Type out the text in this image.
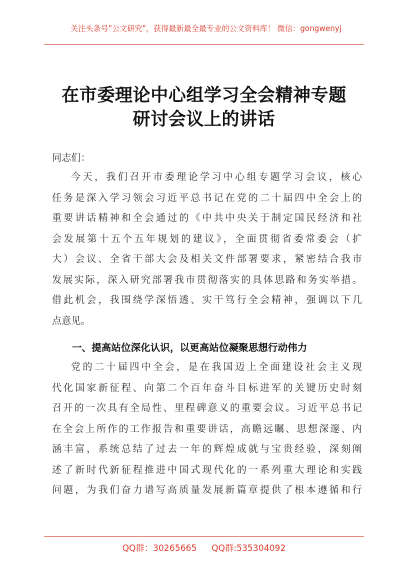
关注头条号"公文研究"，获得最新最全最专业的公文资料库！ 微信：gongwenyj
在市委理论中心组学习全会精神专题
研讨会议上的讲话
同志们：
今天，我们召开市委理论学习中心组专题学习会议，核心
任务是深入学习领会习近平总书记在党的二十届四中全会上的
重要讲话精神和全会通过的《中共中央关于制定国民经济和社
会发展第十五个五年规划的建议》，全面贯彻省委常委会（扩
大）会议、全省干部大会及相关文件部署要求，紧密结合我市
发展实际，深入研究部署我市贯彻落实的具体思路和务实举措。
借此机会，我围绕学深悟透、实干笃行全会精神，强调以下几
点意见。
一、提高站位深化认识，以更高站位凝聚思想行动伟力
党的二十届四中全会，是在我国迈上全面建设社会主义现
代化国家新征程、向第二个百年奋斗目标进军的关键历史时刻
召开的一次具有全局性、里程碑意义的重要会议。习近平总书记
在全会上所作的工作报告和重要讲话，高瞻远瞩、思想深邃、内
涵丰富，系统总结了过去一年的辉煌成就与宝贵经验，深刻阐
述了新时代新征程推进中国式现代化的一系列重大理论和实践
问题，为我们奋力谱写高质量发展新篇章提供了根本遵循和行
QQ群：30265665 QQ群:535304092
